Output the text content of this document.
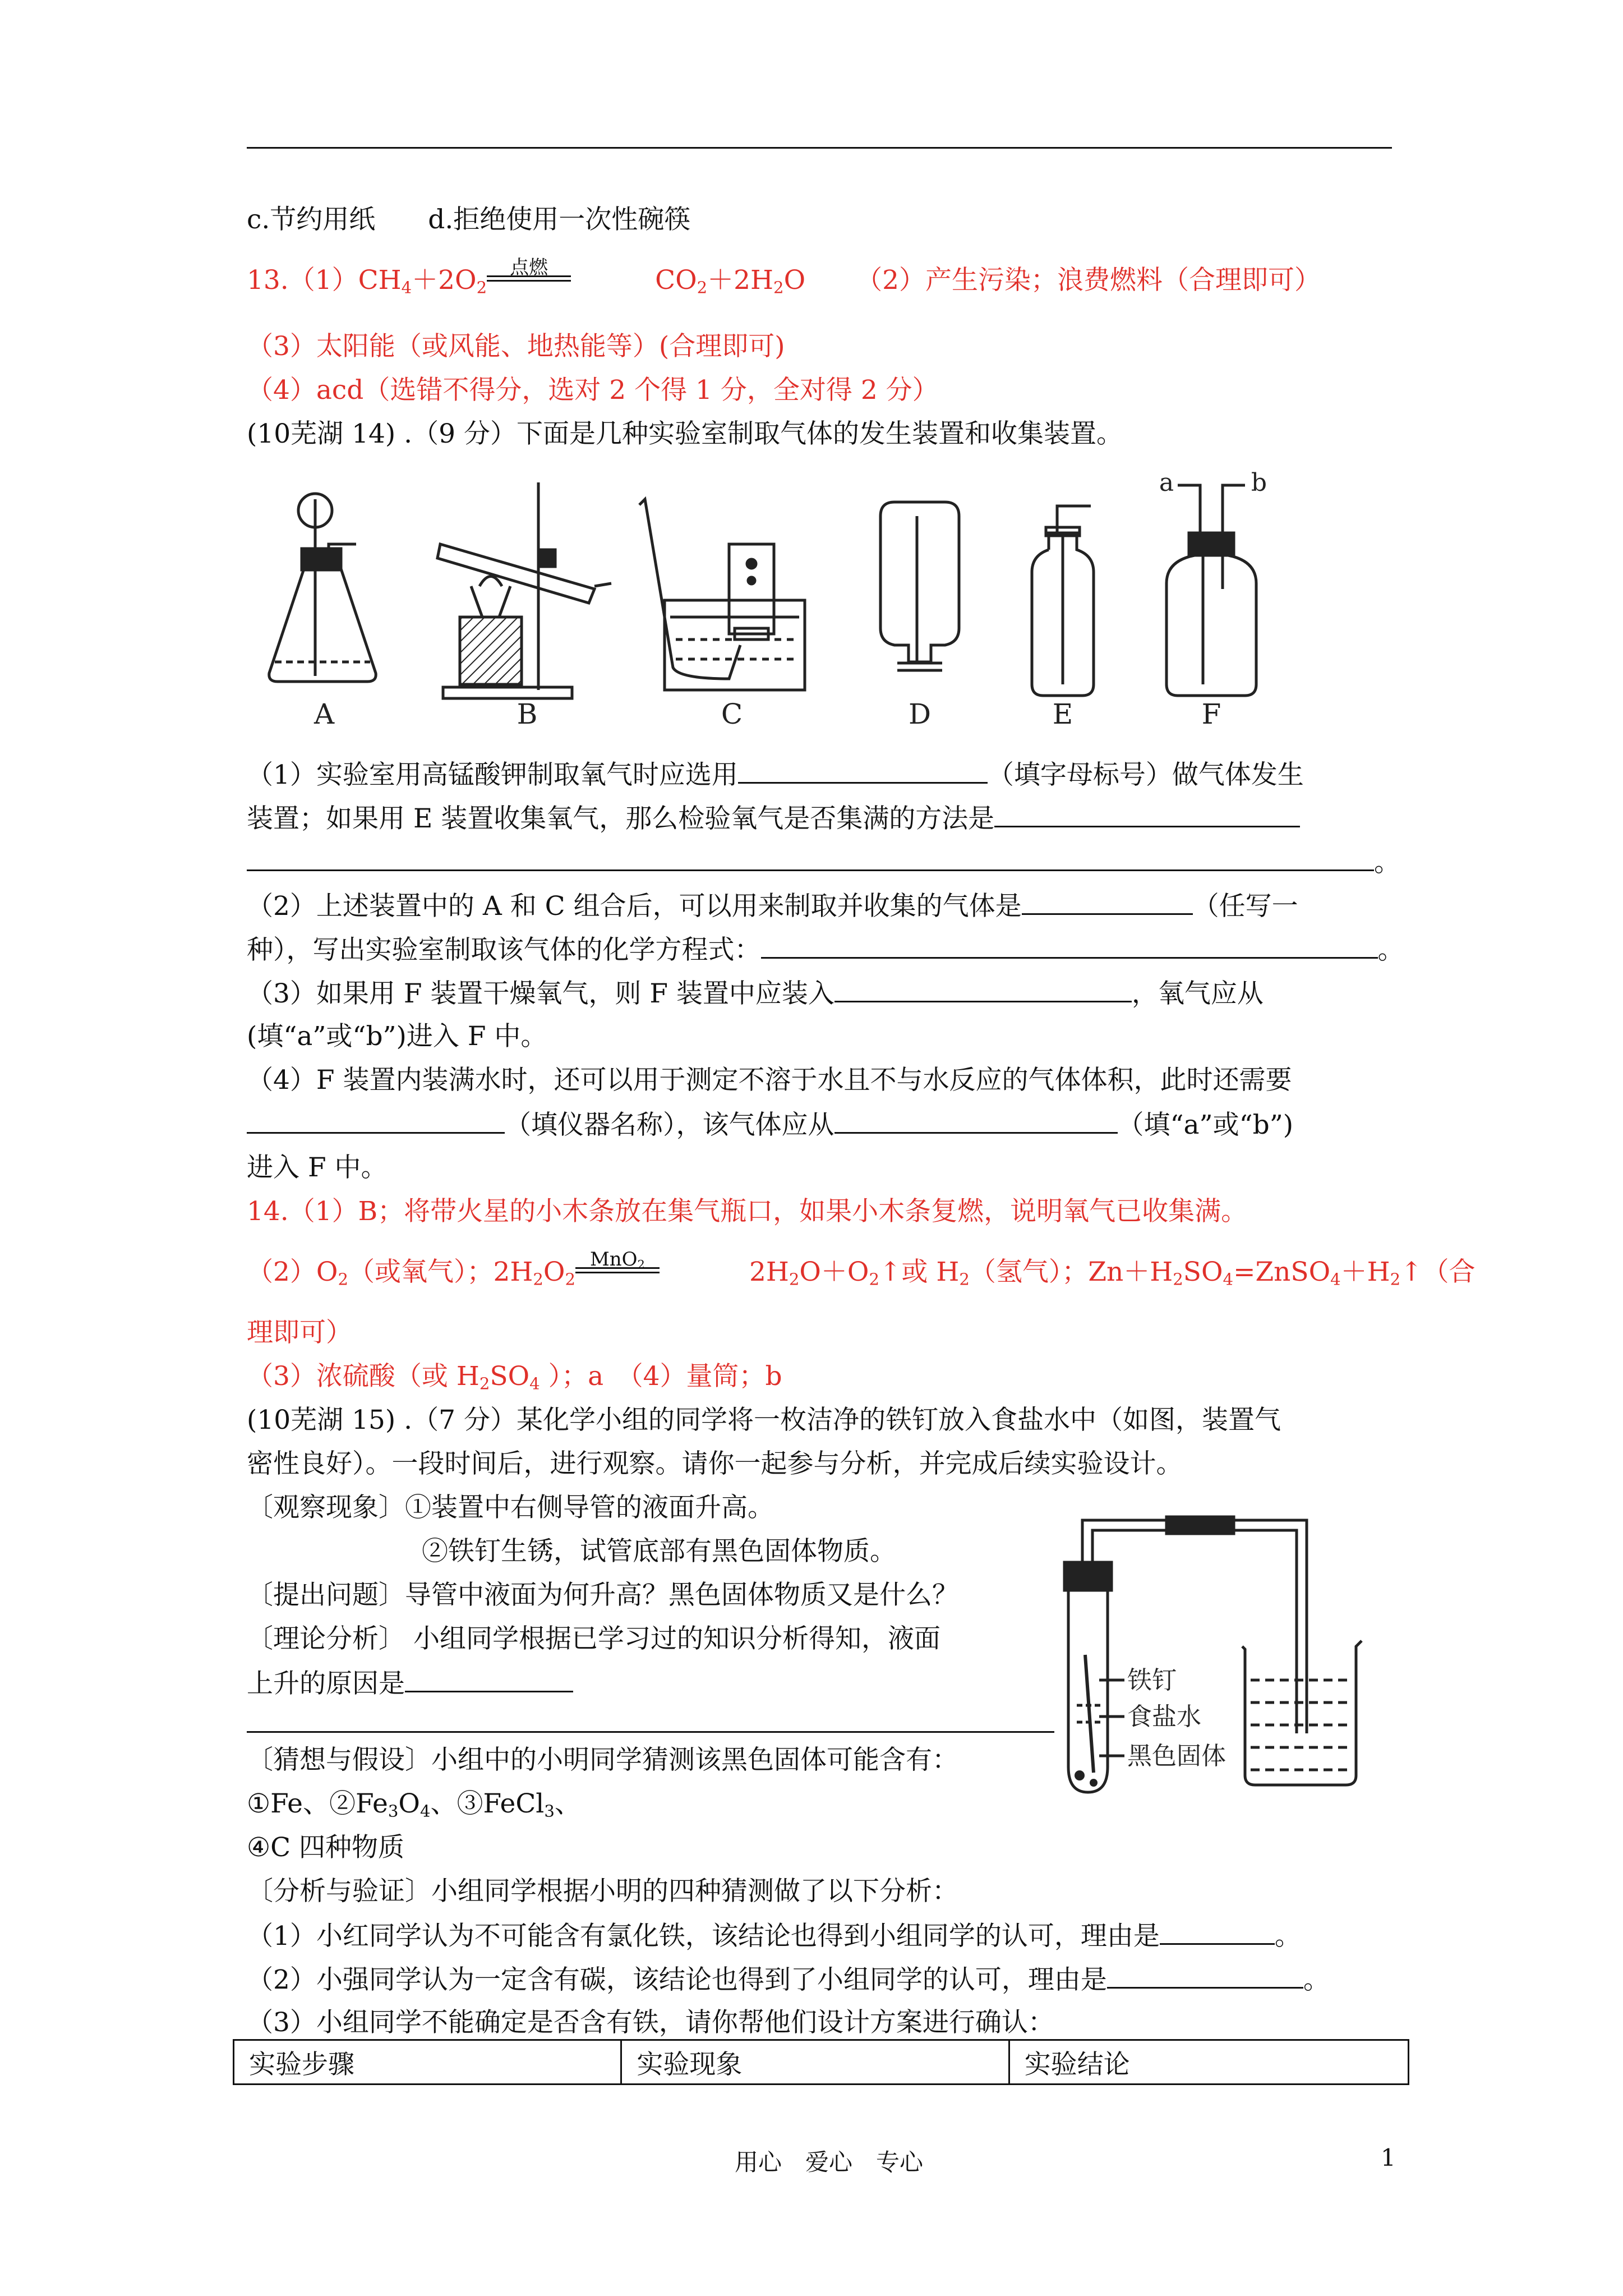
c.节约用纸　　d.拒绝使用一次性碗筷
$13.(1)CH_4+2O_2$
点燃	$CO_2+2H_2O$ （2）产生污染；浪费燃料（合理即可）
（3）太阳能（或风能、地热能等）(合理即可)
（4）acd（选错不得分，选对 2 个得 1 分，全对得 2 分）
(10芜湖 14) .（9 分）下面是几种实验室制取气体的发生装置和收集装置。
A	B	C	D	E	F
a	b
（1）实验室用高锰酸钾制取氧气时应选用	（填字母标号）做气体发生
装置；如果用 E 装置收集氧气，那么检验氧气是否集满的方法是
。
（2）上述装置中的 A 和 C 组合后，可以用来制取并收集的气体是	（任写一
种），写出实验室制取该气体的化学方程式：	。
（3）如果用 F 装置干燥氧气，则 F 装置中应装入	，氧气应从
(填“a”或“b”)进入 F 中。
（4）F 装置内装满水时，还可以用于测定不溶于水且不与水反应的气体体积，此时还需要
（填仪器名称），该气体应从	（填“a”或“b”)
进入 F 中。
14.（1）B；将带火星的小木条放在集气瓶口，如果小木条复燃，说明氧气已收集满。
$(2)O_2$（或氧气）；$2H_2O_2$
MnO$_2$	$2H_2O+O_2↑$或 $H_2$（氢气）；$Zn+H_2SO_4=ZnSO_4+H_2↑$（合
理即可）
（3）浓硫酸（或 $H_2SO_4$ ）；a　（4）量筒；b
(10芜湖 15) .（7 分）某化学小组的同学将一枚洁净的铁钉放入食盐水中（如图，装置气
密性良好）。一段时间后，进行观察。请你一起参与分析，并完成后续实验设计。
〔观察现象〕①装置中右侧导管的液面升高。
②铁钉生锈，试管底部有黑色固体物质。
〔提出问题〕导管中液面为何升高？黑色固体物质又是什么？
〔理论分析〕 小组同学根据已学习过的知识分析得知，液面
上升的原因是
〔猜想与假设〕小组中的小明同学猜测该黑色固体可能含有：
①Fe、$②Fe_3O_4$、③FeCl$_3$、
④C 四种物质
〔分析与验证〕小组同学根据小明的四种猜测做了以下分析：
（1）小红同学认为不可能含有氯化铁，该结论也得到小组同学的认可，理由是	。
（2）小强同学认为一定含有碳，该结论也得到了小组同学的认可，理由是	。
（3）小组同学不能确定是否含有铁，请你帮他们设计方案进行确认：
铁钉
食盐水
黑色固体
实验步骤	实验现象	实验结论
用心　爱心　专心	1
